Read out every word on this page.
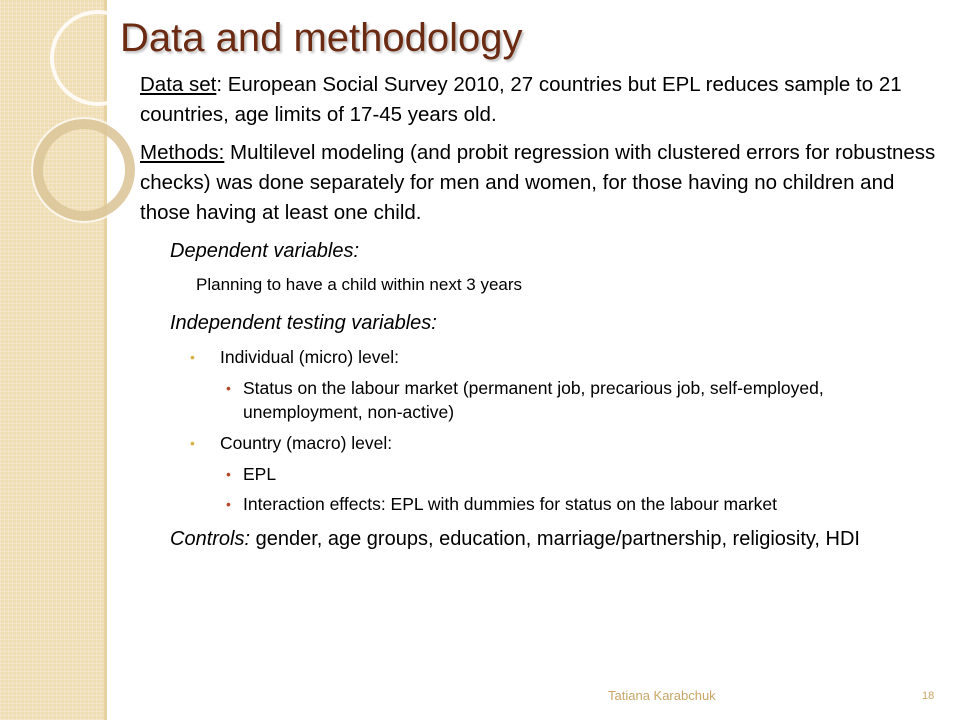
Data and methodology

Data set: European Social Survey 2010, 27 countries but EPL reduces sample to 21 countries, age limits of 17-45 years old.

Methods: Multilevel modeling (and probit regression with clustered errors for robustness checks) was done separately for men and women, for those having no children and those having at least one child.

Dependent variables:
Planning to have a child within next 3 years
Independent testing variables:
• Individual (micro) level:
• Status on the labour market (permanent job, precarious job, self-employed, unemployment, non-active)
• Country (macro) level:
• EPL
• Interaction effects: EPL with dummies for status on the labour market
Controls: gender, age groups, education, marriage/partnership, religiosity, HDI
Tatiana Karabchuk	18
